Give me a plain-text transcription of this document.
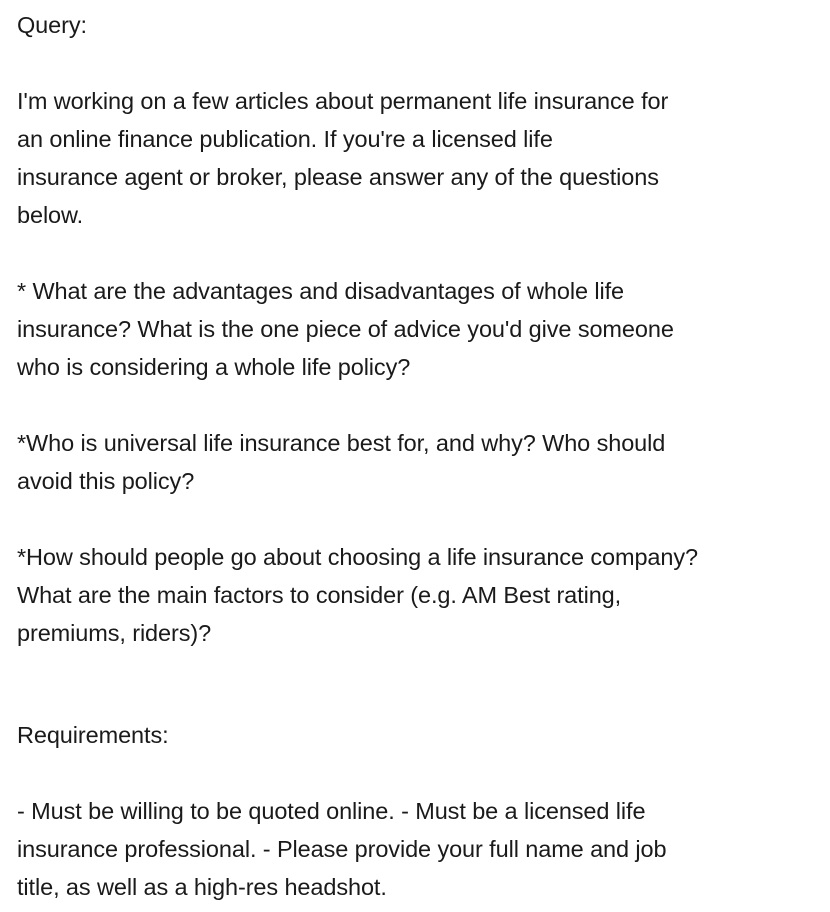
Query:
I'm working on a few articles about permanent life insurance for
an online finance publication. If you're a licensed life
insurance agent or broker, please answer any of the questions
below.
* What are the advantages and disadvantages of whole life
insurance? What is the one piece of advice you'd give someone
who is considering a whole life policy?
*Who is universal life insurance best for, and why? Who should
avoid this policy?
*How should people go about choosing a life insurance company?
What are the main factors to consider (e.g. AM Best rating,
premiums, riders)?
Requirements:
- Must be willing to be quoted online. - Must be a licensed life
insurance professional. - Please provide your full name and job
title, as well as a high-res headshot.
